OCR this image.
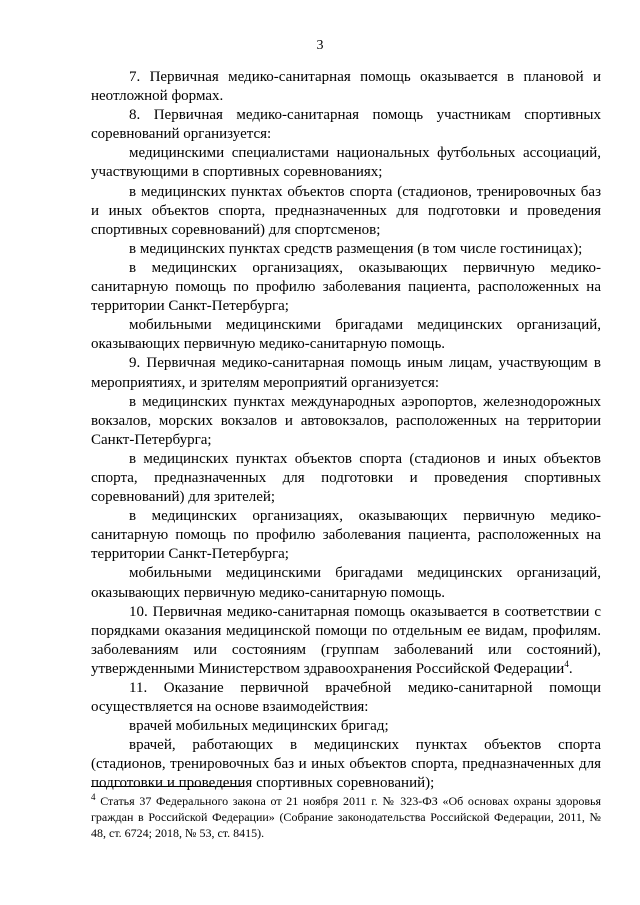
3

7. Первичная медико-санитарная помощь оказывается в плановой и неотложной формах.

8. Первичная медико-санитарная помощь участникам спортивных соревнований организуется:

медицинскими специалистами национальных футбольных ассоциаций, участвующими в спортивных соревнованиях;

в медицинских пунктах объектов спорта (стадионов, тренировочных баз и иных объектов спорта, предназначенных для подготовки и проведения спортивных соревнований) для спортсменов;

в медицинских пунктах средств размещения (в том числе гостиницах);

в медицинских организациях, оказывающих первичную медико-санитарную помощь по профилю заболевания пациента, расположенных на территории Санкт-Петербурга;

мобильными медицинскими бригадами медицинских организаций, оказывающих первичную медико-санитарную помощь.

9. Первичная медико-санитарная помощь иным лицам, участвующим в мероприятиях, и зрителям мероприятий организуется:

в медицинских пунктах международных аэропортов, железнодорожных вокзалов, морских вокзалов и автовокзалов, расположенных на территории Санкт-Петербурга;

в медицинских пунктах объектов спорта (стадионов и иных объектов спорта, предназначенных для подготовки и проведения спортивных соревнований) для зрителей;

в медицинских организациях, оказывающих первичную медико-санитарную помощь по профилю заболевания пациента, расположенных на территории Санкт-Петербурга;

мобильными медицинскими бригадами медицинских организаций, оказывающих первичную медико-санитарную помощь.

10. Первичная медико-санитарная помощь оказывается в соответствии с порядками оказания медицинской помощи по отдельным ее видам, профилям. заболеваниям или состояниям (группам заболеваний или состояний), утвержденными Министерством здравоохранения Российской Федерации$^4$.

11. Оказание первичной врачебной медико-санитарной помощи осуществляется на основе взаимодействия:

врачей мобильных медицинских бригад;

врачей, работающих в медицинских пунктах объектов спорта (стадионов, тренировочных баз и иных объектов спорта, предназначенных для подготовки и проведения спортивных соревнований);

$^4$ Статья 37 Федерального закона от 21 ноября 2011 г. № 323-ФЗ «Об основах охраны здоровья граждан в Российской Федерации» (Собрание законодательства Российской Федерации, 2011, № 48, ст. 6724; 2018, № 53, ст. 8415).
